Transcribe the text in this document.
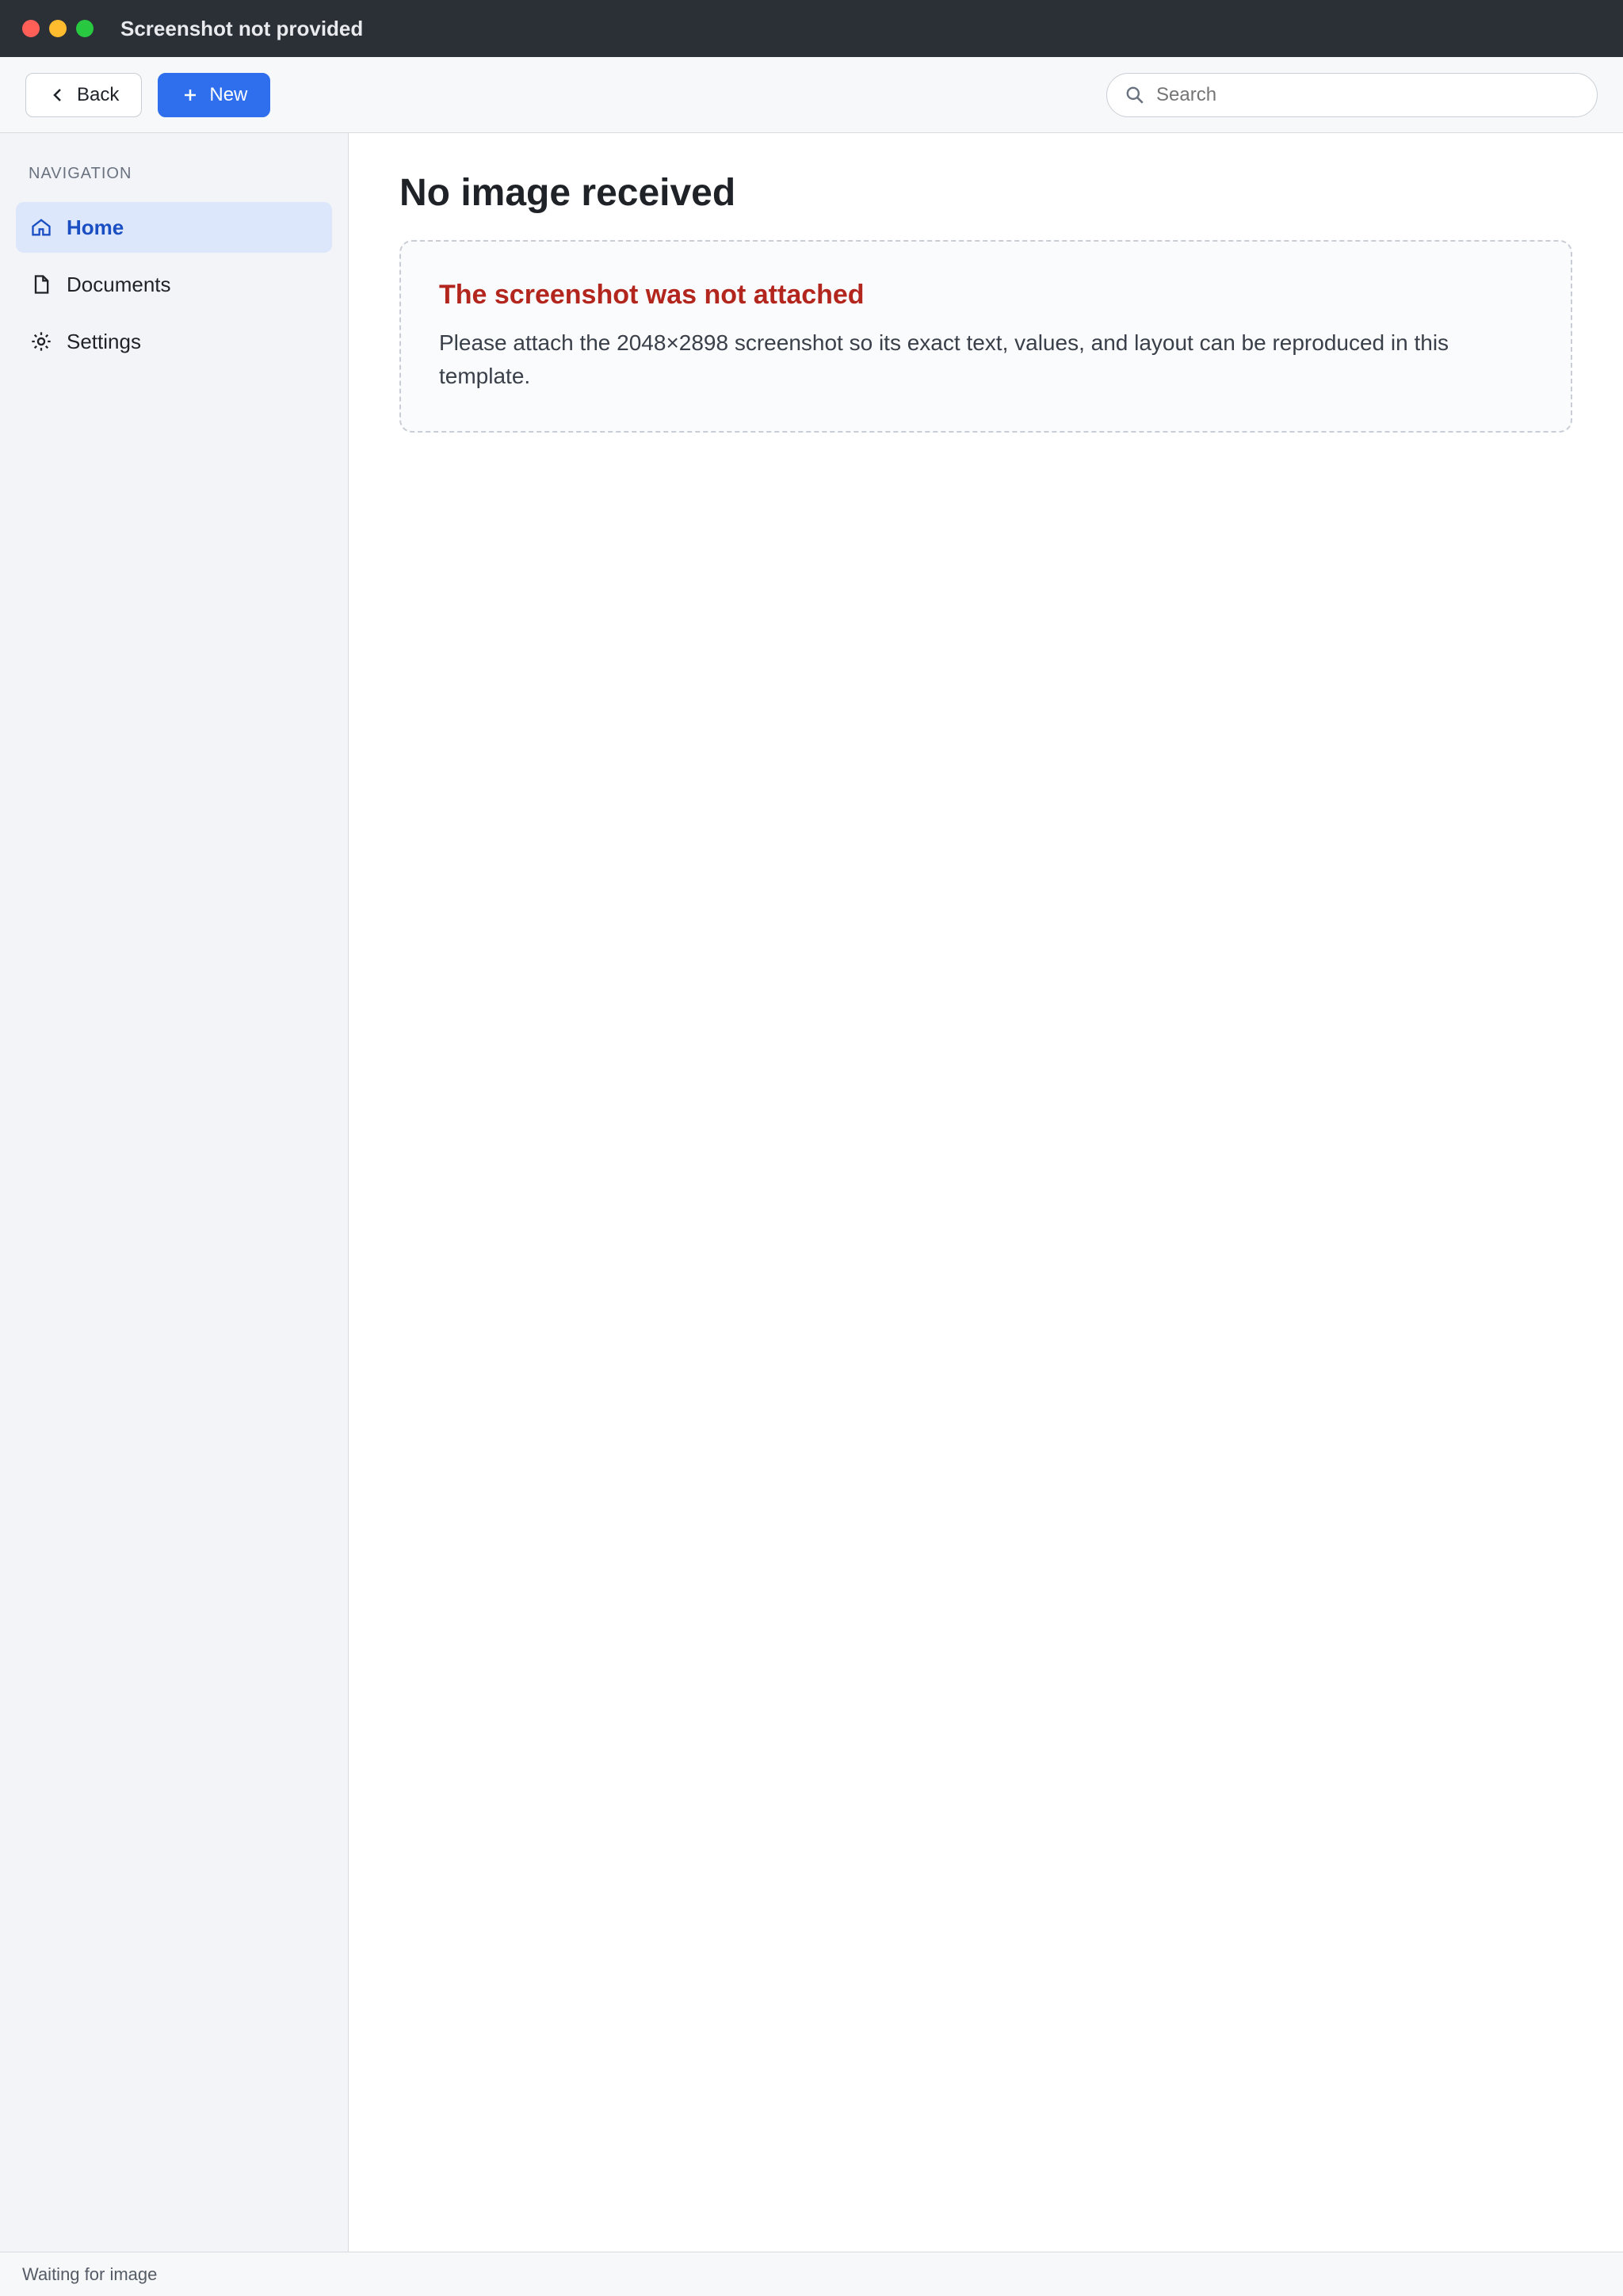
Screenshot not provided
Back	New
Search
NAVIGATION
Home
Documents
Settings
No image received
The screenshot was not attached

Please attach the 2048×2898 screenshot so its exact text, values, and layout can be reproduced in this template.

Waiting for image
